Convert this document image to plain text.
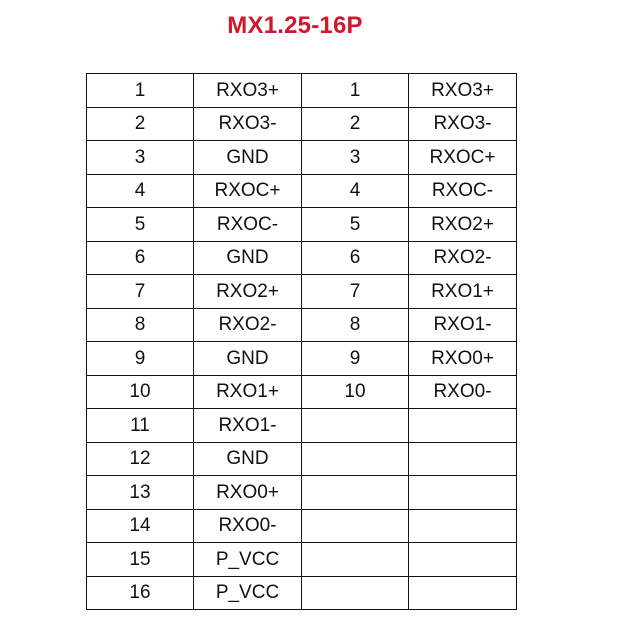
MX1.25-16P
1	RXO3+	1	RXO3+
2	RXO3-	2	RXO3-
3	GND	3	RXOC+
4	RXOC+	4	RXOC-
5	RXOC-	5	RXO2+
6	GND	6	RXO2-
7	RXO2+	7	RXO1+
8	RXO2-	8	RXO1-
9	GND	9	RXO0+
10	RXO1+	10	RXO0-
11	RXO1-		
12	GND		
13	RXO0+		
14	RXO0-		
15	P_VCC		
16	P_VCC		
